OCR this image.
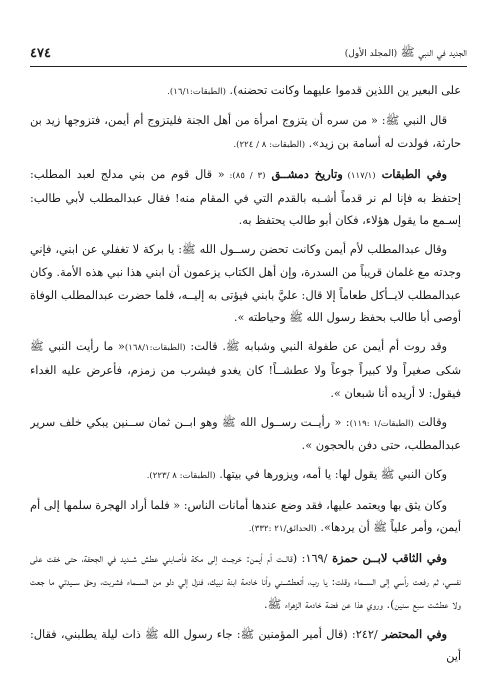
٤٧٤	الجديد في النبي ﷺ (المجلد الأول)

على البعير ين اللذين قدموا عليهما وكانت تحضنه). (الطبقات:١٦/١).

قال النبي ﷺ: « من سره أن يتزوج امرأة من أهل الجنة فليتزوج أم أيمن، فتزوجها زيد بن حارثة، فولدت له أسامة بن زيد». (الطبقات: ٨ / ٢٢٤).

وفي الطبقات (١١٧/١) وتاريخ دمشــق (٣ / ٨٥): « قال قوم من بني مدلج لعبد المطلب: إحتفظ به فإنا لم نر قدماً أشـبه بالقدم التي في المقام منه! فقال عبدالمطلب لأبي طالب: إسـمع ما يقول هؤلاء، فكان أبو طالب يحتفظ به.

وقال عبدالمطلب لأم أيمن وكانت تحضن رســول الله ﷺ: يا بركة لا تغفلي عن ابني، فإني وجدته مع غلمان قريباً من السدرة، وإن أهل الكتاب يزعمون أن ابني هذا نبي هذه الأمة. وكان عبدالمطلب لايــأكل طعاماً إلا قال: عليَّ بابني فيؤتى به إليــه، فلما حضرت عبدالمطلب الوفاة أوصى أبا طالب بحفظ رسول الله ﷺ وحياطته ».

وقد روت أم أيمن عن طفولة النبي وشبابه ﷺ. قالت: (الطبقات:١٦٨/١)« ما رأيت النبي ﷺ شكى صغيراً ولا كبيراً جوعاً ولا عطشــاً! كان يغدو فيشرب من زمزم، فأعرض عليه الغداء فيقول: لا أريده أنا شبعان ».

وقالت (الطبقات/١ :١١٩): « رأيــت رســول الله ﷺ وهو ابــن ثمان ســنين يبكي خلف سرير عبدالمطلب، حتى دفن بالحجون ».

وكان النبي ﷺ يقول لها: يا أمه، ويزورها في بيتها. (الطبقات: ٨ /٢٢٣).

وكان يثق بها ويعتمد عليها، فقد وضع عندها أمانات الناس: « فلما أراد الهجرة سلمها إلى أم أيمن، وأمر علياً ﷺ أن يردها». (الحدائق/٢١ :٣٣٢).

وفي الثاقب لابــن حمزة /١٦٩: (قالــت أم أيمن: خرجــت إلى مكة فأصابني عطش شــديد في الجحفة، حتى خفت على نفسي، ثم رفعت رأسي إلى الســماء وقلت: يا رب، أتعطشــني وأنا خادمة ابنة نبيك، فنزل إلي دلو من الســماء فشربت، وحق ســيدتي ما جعت ولا عطشت سبع سنين). وروي هذا عن فضة خادمة الزهراء ﷺ.

وفي المحتضر /٢٤٢: (قال أمير المؤمنين ﷺ: جاء رسول الله ﷺ ذات ليلة يطلبني، فقال: أين
